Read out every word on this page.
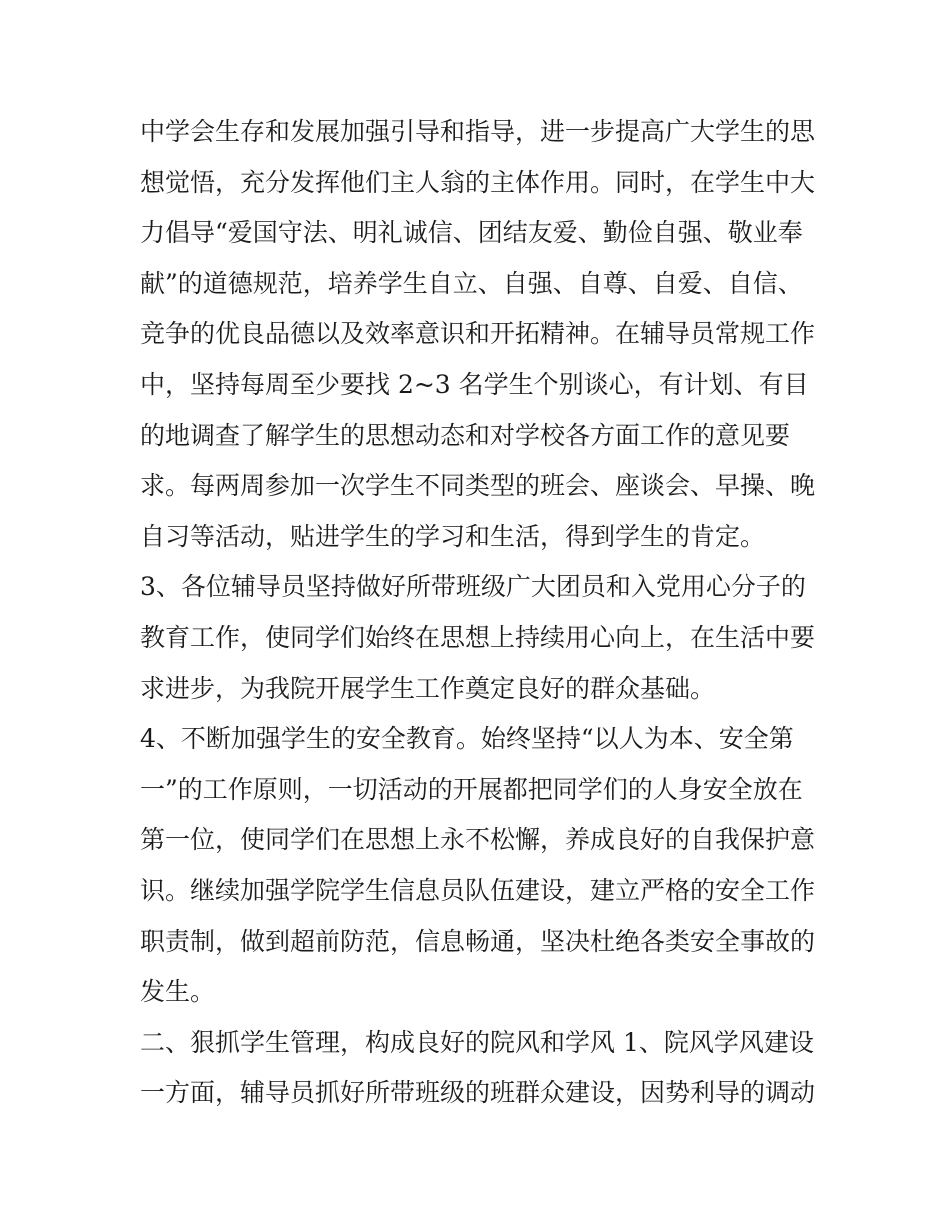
中学会生存和发展加强引导和指导，进一步提高广大学生的思
想觉悟，充分发挥他们主人翁的主体作用。同时，在学生中大
力倡导“爱国守法、明礼诚信、团结友爱、勤俭自强、敬业奉
献”的道德规范，培养学生自立、自强、自尊、自爱、自信、
竞争的优良品德以及效率意识和开拓精神。在辅导员常规工作
中，坚持每周至少要找 2~3 名学生个别谈心，有计划、有目
的地调查了解学生的思想动态和对学校各方面工作的意见要
求。每两周参加一次学生不同类型的班会、座谈会、早操、晚
自习等活动，贴进学生的学习和生活，得到学生的肯定。
3、各位辅导员坚持做好所带班级广大团员和入党用心分子的
教育工作，使同学们始终在思想上持续用心向上，在生活中要
求进步，为我院开展学生工作奠定良好的群众基础。
4、不断加强学生的安全教育。始终坚持“以人为本、安全第
一”的工作原则，一切活动的开展都把同学们的人身安全放在
第一位，使同学们在思想上永不松懈，养成良好的自我保护意
识。继续加强学院学生信息员队伍建设，建立严格的安全工作
职责制，做到超前防范，信息畅通，坚决杜绝各类安全事故的
发生。
二、狠抓学生管理，构成良好的院风和学风 1、院风学风建设
一方面，辅导员抓好所带班级的班群众建设，因势利导的调动
